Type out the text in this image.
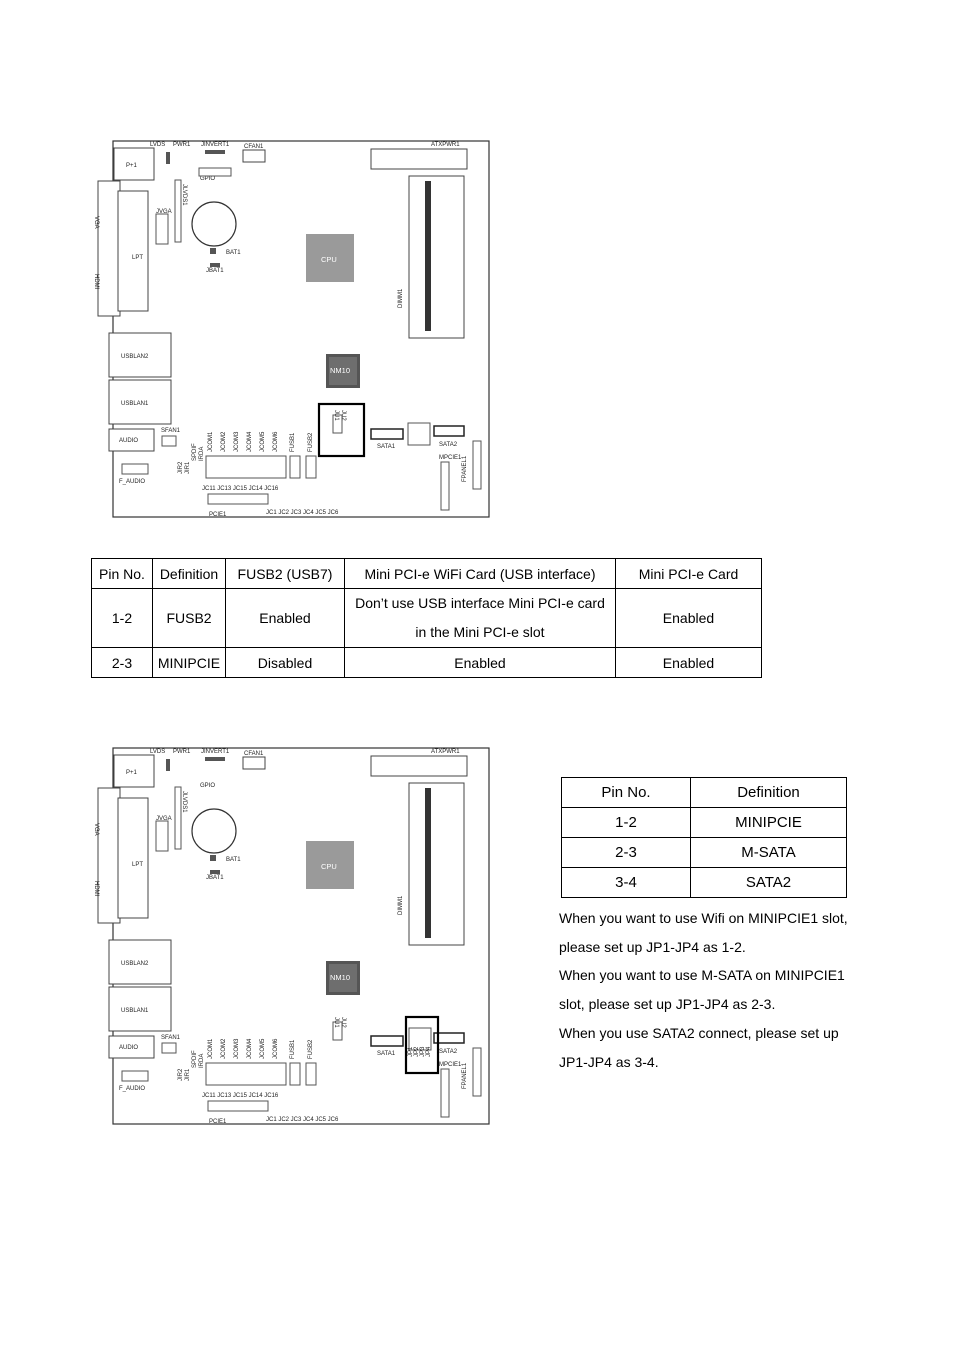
P+1
LPT
VGA
HDMI
USBLAN2
USBLAN1
AUDIO
LVDS PWR1 JINVERT1 CFAN1	ATXPWR1
GPIO
JLVDS1
JVGA
BAT1
JBAT1
CPU
DIMM1
NM10
JU1 JU2
SATA1	SATA2
MPCIE1 FPANEL1
SFAN1
F_AUDIO
JIR2 JIR1
SPDIF IRDA
JCOM1 JCOM2 JCOM3 JCOM4 JCOM5 JCOM6 FUSB1 FUSB2
JC11 JC13 JC15 JC14 JC16
PCIE1	JC1 JC2 JC3 JC4 JC5 JC6
Pin No.	Definition	FUSB2 (USB7)	Mini PCI-e WiFi Card (USB interface)	Mini PCI-e Card
1-2	FUSB2	Enabled	Don’t use USB interface Mini PCI-e card
in the Mini PCI-e slot	Enabled
2-3	MINIPCIE	Disabled	Enabled	Enabled
P+1
LPT
VGA
HDMI
USBLAN2
USBLAN1
AUDIO
LVDS PWR1 JINVERT1 CFAN1	ATXPWR1
GPIO
JLVDS1
JVGA
BAT1
JBAT1
CPU
DIMM1
NM10
JU1 JU2
SATA1	SATA2
JP1 JP2 JP3 JP4
MPCIE1 FPANEL1
SFAN1
F_AUDIO
JIR2 JIR1
SPDIF IRDA
JCOM1 JCOM2 JCOM3 JCOM4 JCOM5 JCOM6 FUSB1 FUSB2
JC11 JC13 JC15 JC14 JC16
PCIE1	JC1 JC2 JC3 JC4 JC5 JC6
Pin No.	Definition
1-2	MINIPCIE
2-3	M-SATA
3-4	SATA2

When you want to use Wifi on MINIPCIE1 slot,

please set up JP1-JP4 as 1-2.

When you want to use M-SATA on MINIPCIE1

slot, please set up JP1-JP4 as 2-3.

When you use SATA2 connect, please set up

JP1-JP4 as 3-4.
